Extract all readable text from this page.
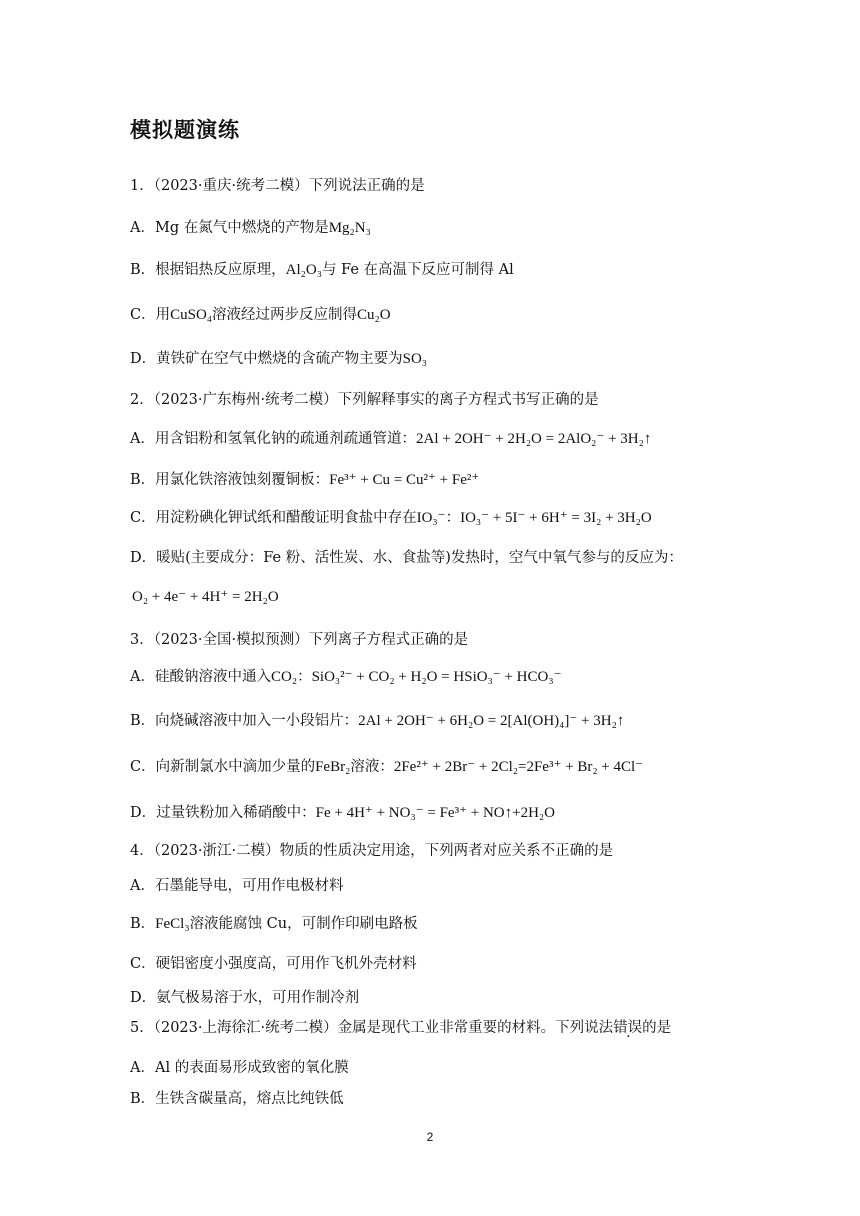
模拟题演练
1．（2023·重庆·统考二模）下列说法正确的是
A．Mg 在氮气中燃烧的产物是Mg₂N₃
B．根据铝热反应原理，Al₂O₃与 Fe 在高温下反应可制得 Al
C．用CuSO₄溶液经过两步反应制得Cu₂O
D．黄铁矿在空气中燃烧的含硫产物主要为SO₃
2．（2023·广东梅州·统考二模）下列解释事实的离子方程式书写正确的是
A．用含铝粉和氢氧化钠的疏通剂疏通管道：2Al + 2OH⁻ + 2H₂O = 2AlO₂⁻ + 3H₂↑
B．用氯化铁溶液蚀刻覆铜板：Fe³⁺ + Cu = Cu²⁺ + Fe²⁺
C．用淀粉碘化钾试纸和醋酸证明食盐中存在IO₃⁻：IO₃⁻ + 5I⁻ + 6H⁺ = 3I₂ + 3H₂O
D．暖贴(主要成分：Fe 粉、活性炭、水、食盐等)发热时，空气中氧气参与的反应为：
O₂ + 4e⁻ + 4H⁺ = 2H₂O
3．（2023·全国·模拟预测）下列离子方程式正确的是
A．硅酸钠溶液中通入CO₂：SiO₃²⁻ + CO₂ + H₂O = HSiO₃⁻ + HCO₃⁻
B．向烧碱溶液中加入一小段铝片：2Al + 2OH⁻ + 6H₂O = 2[Al(OH)₄]⁻ + 3H₂↑
C．向新制氯水中滴加少量的FeBr₂溶液：2Fe²⁺ + 2Br⁻ + 2Cl₂=2Fe³⁺ + Br₂ + 4Cl⁻
D．过量铁粉加入稀硝酸中：Fe + 4H⁺ + NO₃⁻ = Fe³⁺ + NO↑+2H₂O
4．（2023·浙江·二模）物质的性质决定用途，下列两者对应关系不正确的是
A．石墨能导电，可用作电极材料
B．FeCl₃溶液能腐蚀 Cu，可制作印刷电路板
C．硬铝密度小强度高，可用作飞机外壳材料
D．氨气极易溶于水，可用作制冷剂
5．（2023·上海徐汇·统考二模）金属是现代工业非常重要的材料。下列说法错误的是
A．Al 的表面易形成致密的氧化膜
B．生铁含碳量高，熔点比纯铁低
2
